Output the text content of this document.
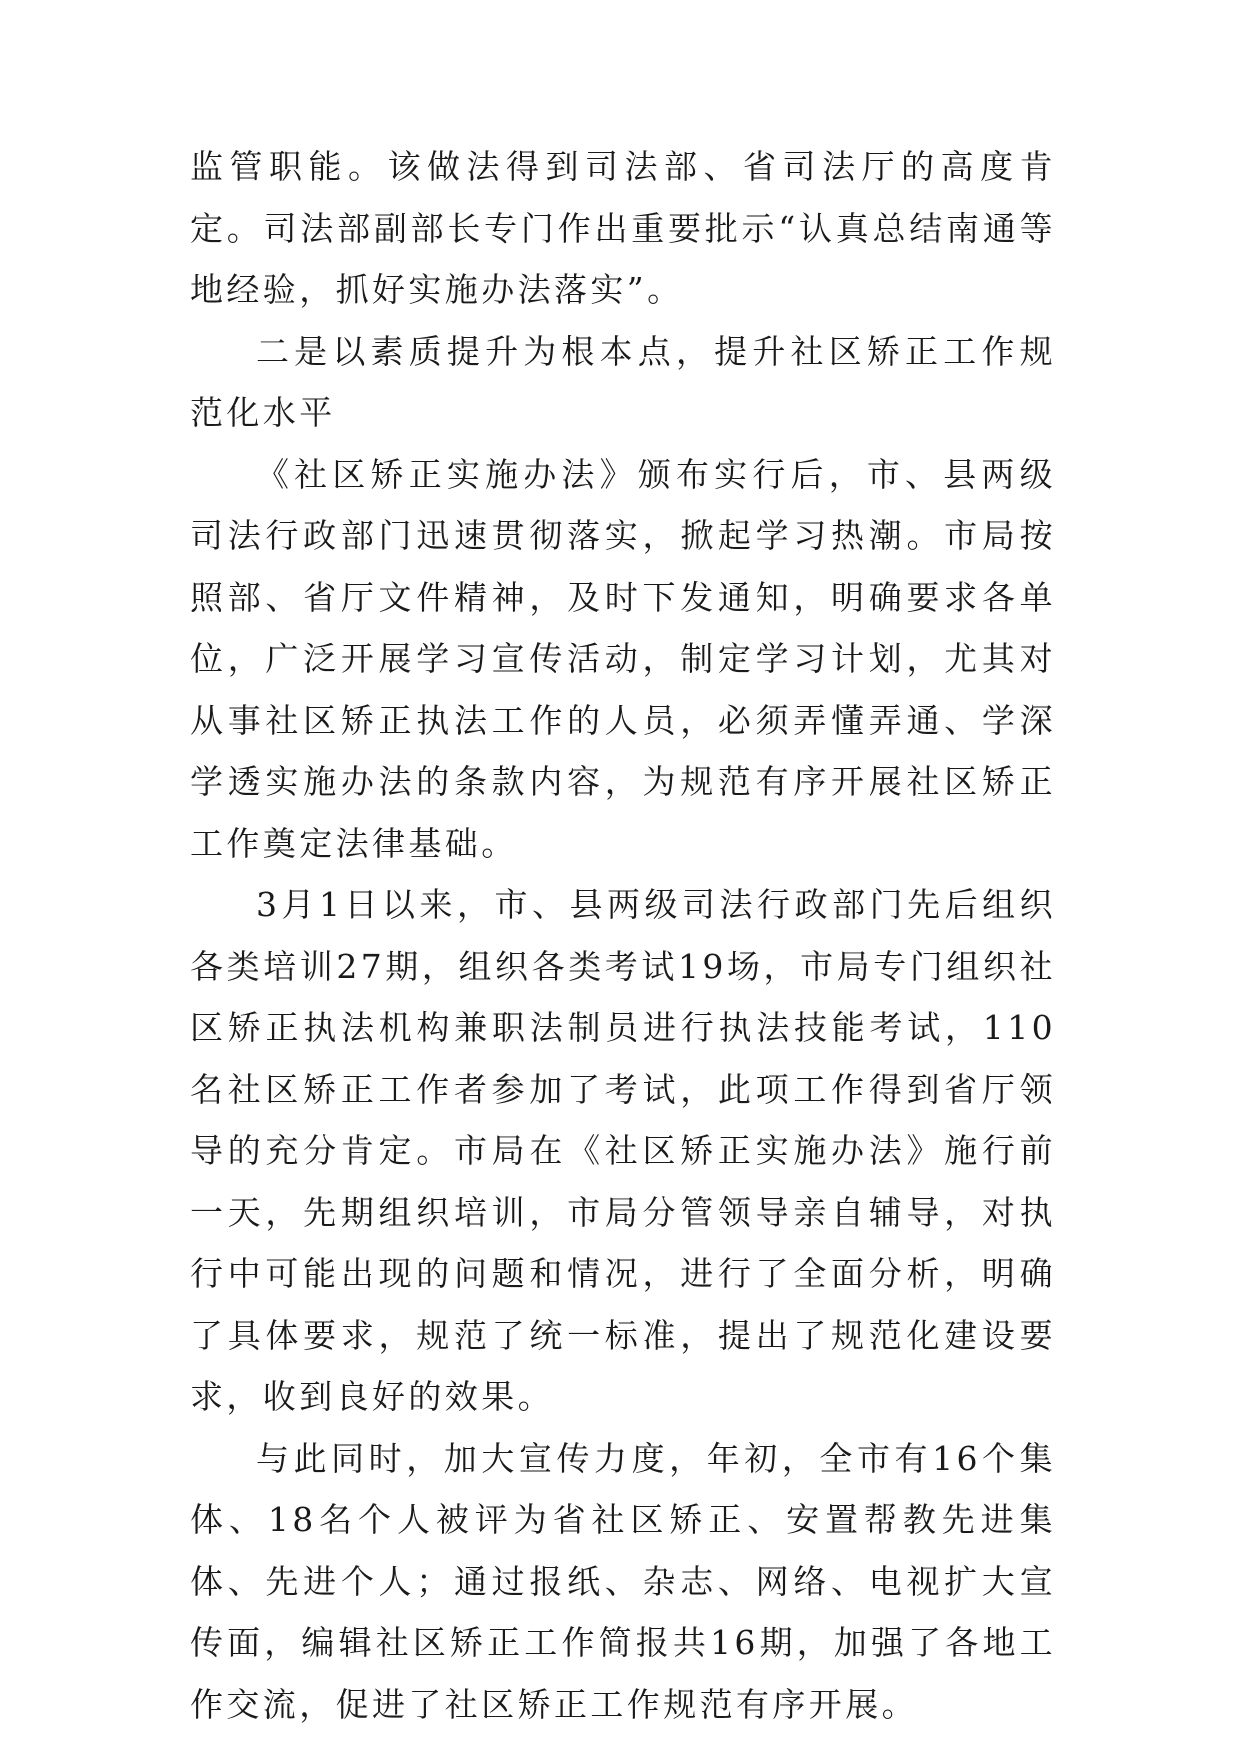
监管职能。该做法得到司法部、省司法厅的高度肯定。司法部副部长专门作出重要批示“认真总结南通等地经验，抓好实施办法落实”。

二是以素质提升为根本点，提升社区矫正工作规范化水平

《社区矫正实施办法》颁布实行后，市、县两级司法行政部门迅速贯彻落实，掀起学习热潮。市局按照部、省厅文件精神，及时下发通知，明确要求各单位，广泛开展学习宣传活动，制定学习计划，尤其对从事社区矫正执法工作的人员，必须弄懂弄通、学深学透实施办法的条款内容，为规范有序开展社区矫正工作奠定法律基础。

3月1日以来，市、县两级司法行政部门先后组织各类培训27期，组织各类考试19场，市局专门组织社区矫正执法机构兼职法制员进行执法技能考试，110名社区矫正工作者参加了考试，此项工作得到省厅领导的充分肯定。市局在《社区矫正实施办法》施行前一天，先期组织培训，市局分管领导亲自辅导，对执行中可能出现的问题和情况，进行了全面分析，明确了具体要求，规范了统一标准，提出了规范化建设要求，收到良好的效果。

与此同时，加大宣传力度，年初，全市有16个集体、18名个人被评为省社区矫正、安置帮教先进集体、先进个人；通过报纸、杂志、网络、电视扩大宣传面，编辑社区矫正工作简报共16期，加强了各地工作交流，促进了社区矫正工作规范有序开展。
